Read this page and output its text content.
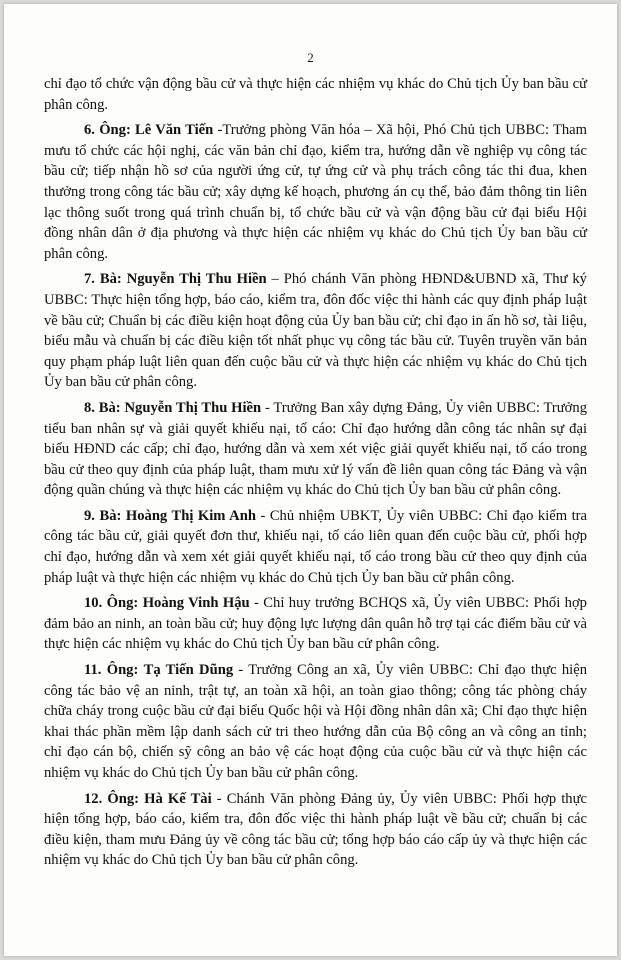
2

chỉ đạo tổ chức vận động bầu cử và thực hiện các nhiệm vụ khác do Chủ tịch Ủy ban bầu cử phân công.

6. Ông: Lê Văn Tiến -Trưởng phòng Văn hóa – Xã hội, Phó Chủ tịch UBBC: Tham mưu tổ chức các hội nghị, các văn bản chỉ đạo, kiểm tra, hướng dẫn về nghiệp vụ công tác bầu cử; tiếp nhận hồ sơ của người ứng cử, tự ứng cử và phụ trách công tác thi đua, khen thưởng trong công tác bầu cử; xây dựng kế hoạch, phương án cụ thể, bảo đảm thông tin liên lạc thông suốt trong quá trình chuẩn bị, tổ chức bầu cử và vận động bầu cử đại biểu Hội đồng nhân dân ở địa phương và thực hiện các nhiệm vụ khác do Chủ tịch Ủy ban bầu cử phân công.

7. Bà: Nguyễn Thị Thu Hiền – Phó chánh Văn phòng HĐND&UBND xã, Thư ký UBBC: Thực hiện tổng hợp, báo cáo, kiểm tra, đôn đốc việc thi hành các quy định pháp luật về bầu cử; Chuẩn bị các điều kiện hoạt động của Ủy ban bầu cử; chỉ đạo in ấn hồ sơ, tài liệu, biểu mẫu và chuẩn bị các điều kiện tốt nhất phục vụ công tác bầu cử. Tuyên truyền văn bản quy phạm pháp luật liên quan đến cuộc bầu cử và thực hiện các nhiệm vụ khác do Chủ tịch Ủy ban bầu cử phân công.

8. Bà: Nguyễn Thị Thu Hiền - Trưởng Ban xây dựng Đảng, Ủy viên UBBC: Trưởng tiểu ban nhân sự và giải quyết khiếu nại, tố cáo: Chỉ đạo hướng dẫn công tác nhân sự đại biểu HĐND các cấp; chỉ đạo, hướng dẫn và xem xét việc giải quyết khiếu nại, tố cáo trong bầu cử theo quy định của pháp luật, tham mưu xử lý vấn đề liên quan công tác Đảng và vận động quần chúng và thực hiện các nhiệm vụ khác do Chủ tịch Ủy ban bầu cử phân công.

9. Bà: Hoàng Thị Kim Anh - Chủ nhiệm UBKT, Ủy viên UBBC: Chỉ đạo kiểm tra công tác bầu cử, giải quyết đơn thư, khiếu nại, tố cáo liên quan đến cuộc bầu cử, phối hợp chỉ đạo, hướng dẫn và xem xét giải quyết khiếu nại, tố cáo trong bầu cử theo quy định của pháp luật và thực hiện các nhiệm vụ khác do Chủ tịch Ủy ban bầu cử phân công.

10. Ông: Hoàng Vinh Hậu - Chỉ huy trưởng BCHQS xã, Ủy viên UBBC: Phối hợp đảm bảo an ninh, an toàn bầu cử; huy động lực lượng dân quân hỗ trợ tại các điểm bầu cử và thực hiện các nhiệm vụ khác do Chủ tịch Ủy ban bầu cử phân công.

11. Ông: Tạ Tiến Dũng - Trưởng Công an xã, Ủy viên UBBC: Chỉ đạo thực hiện công tác bảo vệ an ninh, trật tự, an toàn xã hội, an toàn giao thông; công tác phòng cháy chữa cháy trong cuộc bầu cử đại biểu Quốc hội và Hội đồng nhân dân xã; Chỉ đạo thực hiện khai thác phần mềm lập danh sách cử tri theo hướng dẫn của Bộ công an và công an tỉnh; chỉ đạo cán bộ, chiến sỹ công an bảo vệ các hoạt động của cuộc bầu cử và thực hiện các nhiệm vụ khác do Chủ tịch Ủy ban bầu cử phân công.

12. Ông: Hà Kế Tài - Chánh Văn phòng Đảng ủy, Ủy viên UBBC: Phối hợp thực hiện tổng hợp, báo cáo, kiểm tra, đôn đốc việc thi hành pháp luật về bầu cử; chuẩn bị các điều kiện, tham mưu Đảng ủy về công tác bầu cử; tổng hợp báo cáo cấp ủy và thực hiện các nhiệm vụ khác do Chủ tịch Ủy ban bầu cử phân công.
